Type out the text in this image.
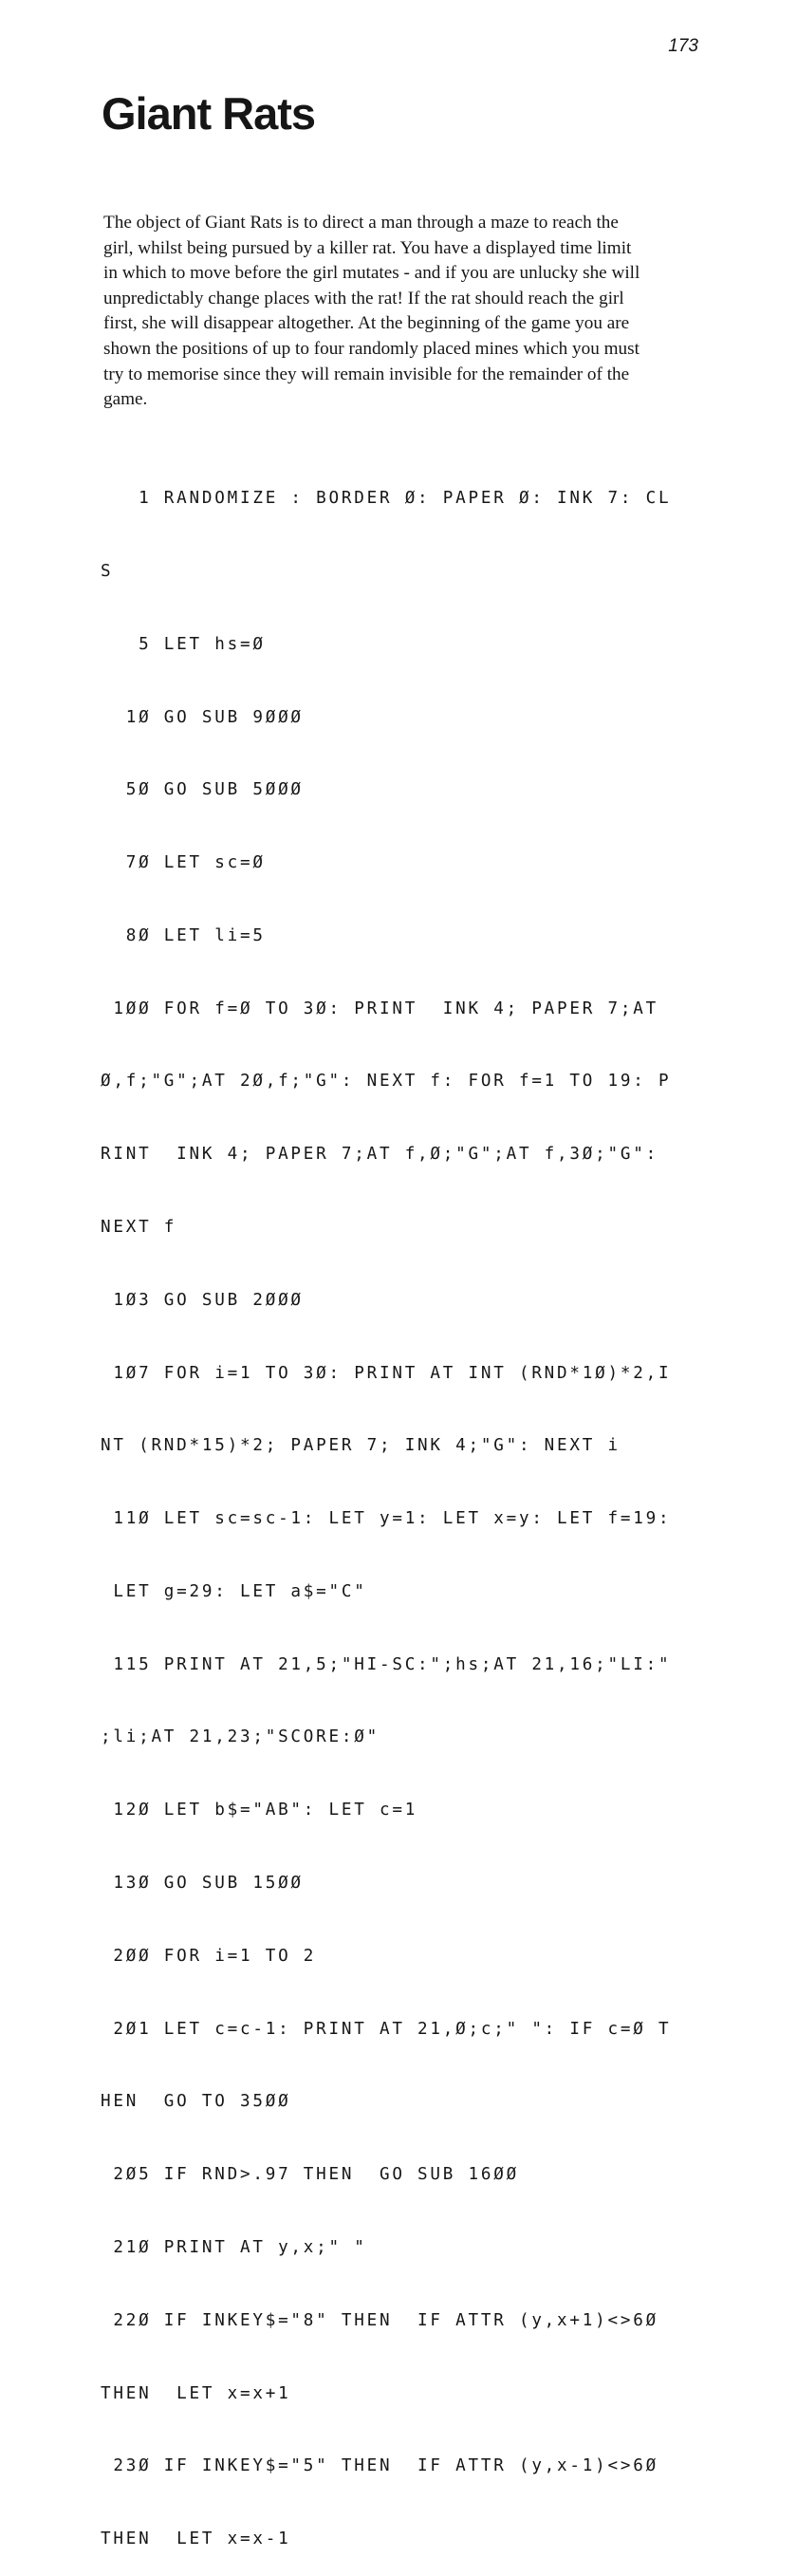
173
Giant Rats
The object of Giant Rats is to direct a man through a maze to reach the
girl, whilst being pursued by a killer rat. You have a displayed time limit
in which to move before the girl mutates - and if you are unlucky she will
unpredictably change places with the rat! If the rat should reach the girl
first, she will disappear altogether. At the beginning of the game you are
shown the positions of up to four randomly placed mines which you must
try to memorise since they will remain invisible for the remainder of the
game.

1 RANDOMIZE : BORDER Ø: PAPER Ø: INK 7: CL

S

5 LET hs=Ø

1Ø GO SUB 9ØØØ

5Ø GO SUB 5ØØØ

7Ø LET sc=Ø

8Ø LET li=5

1ØØ FOR f=Ø TO 3Ø: PRINT  INK 4; PAPER 7;AT

Ø,f;"G";AT 2Ø,f;"G": NEXT f: FOR f=1 TO 19: P

RINT  INK 4; PAPER 7;AT f,Ø;"G";AT f,3Ø;"G":

NEXT f

1Ø3 GO SUB 2ØØØ

1Ø7 FOR i=1 TO 3Ø: PRINT AT INT (RND*1Ø)*2,I

NT (RND*15)*2; PAPER 7; INK 4;"G": NEXT i

11Ø LET sc=sc-1: LET y=1: LET x=y: LET f=19:

LET g=29: LET a$="C"

115 PRINT AT 21,5;"HI-SC:";hs;AT 21,16;"LI:"

;li;AT 21,23;"SCORE:Ø"

12Ø LET b$="AB": LET c=1

13Ø GO SUB 15ØØ

2ØØ FOR i=1 TO 2

2Ø1 LET c=c-1: PRINT AT 21,Ø;c;" ": IF c=Ø T

HEN  GO TO 35ØØ

2Ø5 IF RND>.97 THEN  GO SUB 16ØØ

21Ø PRINT AT y,x;" "

22Ø IF INKEY$="8" THEN  IF ATTR (y,x+1)<>6Ø

THEN  LET x=x+1

23Ø IF INKEY$="5" THEN  IF ATTR (y,x-1)<>6Ø

THEN  LET x=x-1
